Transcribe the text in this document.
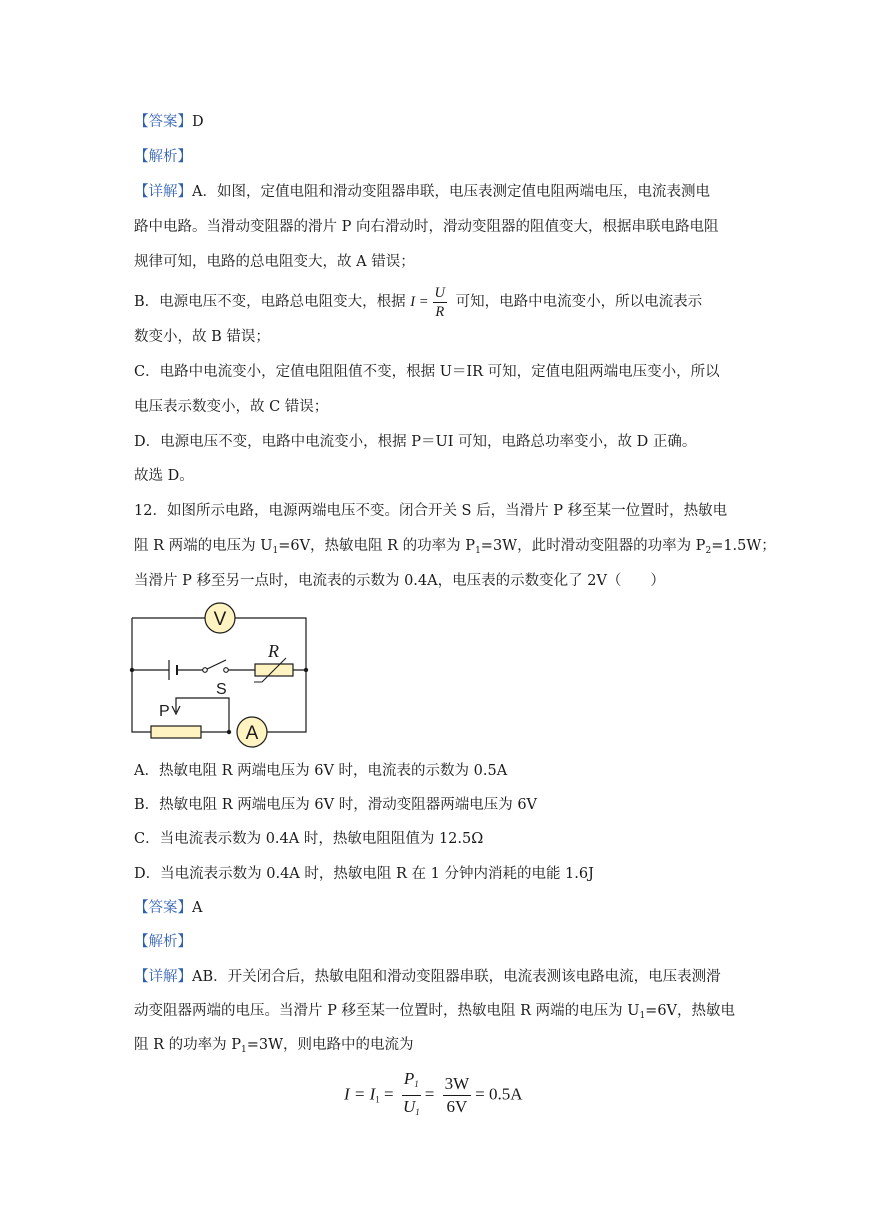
【答案】D
【解析】
【详解】A．如图，定值电阻和滑动变阻器串联，电压表测定值电阻两端电压，电流表测电
路中电路。当滑动变阻器的滑片 P 向右滑动时，滑动变阻器的阻值变大，根据串联电路电阻
规律可知，电路的总电阻变大，故 A 错误；
B．电源电压不变，电路总电阻变大，根据 $I = \frac{U}{R}$ 可知，电路中电流变小，所以电流表示
数变小，故 B 错误；
C．电路中电流变小，定值电阻阻值不变，根据 U＝IR 可知，定值电阻两端电压变小，所以
电压表示数变小，故 C 错误；
D．电源电压不变，电路中电流变小，根据 P＝UI 可知，电路总功率变小，故 D 正确。
故选 D。
12．如图所示电路，电源两端电压不变。闭合开关 S 后，当滑片 P 移至某一位置时，热敏电
阻 R 两端的电压为 $U_1=6V$，热敏电阻 R 的功率为 $P_1=3W$，此时滑动变阻器的功率为 $P_2=1.5W$；
当滑片 P 移至另一点时，电流表的示数为 0.4A，电压表的示数变化了 2V（　　）
V
A
R
S
P
A．热敏电阻 R 两端电压为 6V 时，电流表的示数为 0.5A
B．热敏电阻 R 两端电压为 6V 时，滑动变阻器两端电压为 6V
C．当电流表示数为 0.4A 时，热敏电阻阻值为 12.5Ω
D．当电流表示数为 0.4A 时，热敏电阻 R 在 1 分钟内消耗的电能 1.6J
【答案】A
【解析】
【详解】AB．开关闭合后，热敏电阻和滑动变阻器串联，电流表测该电路电流，电压表测滑
动变阻器两端的电压。当滑片 P 移至某一位置时，热敏电阻 R 两端的电压为 $U_1=6V$，热敏电
阻 R 的功率为 $P_1=3W$，则电路中的电流为
$I = I_1 = \frac{P_1}{U_1} = \frac{3W}{6V} = 0.5A$
